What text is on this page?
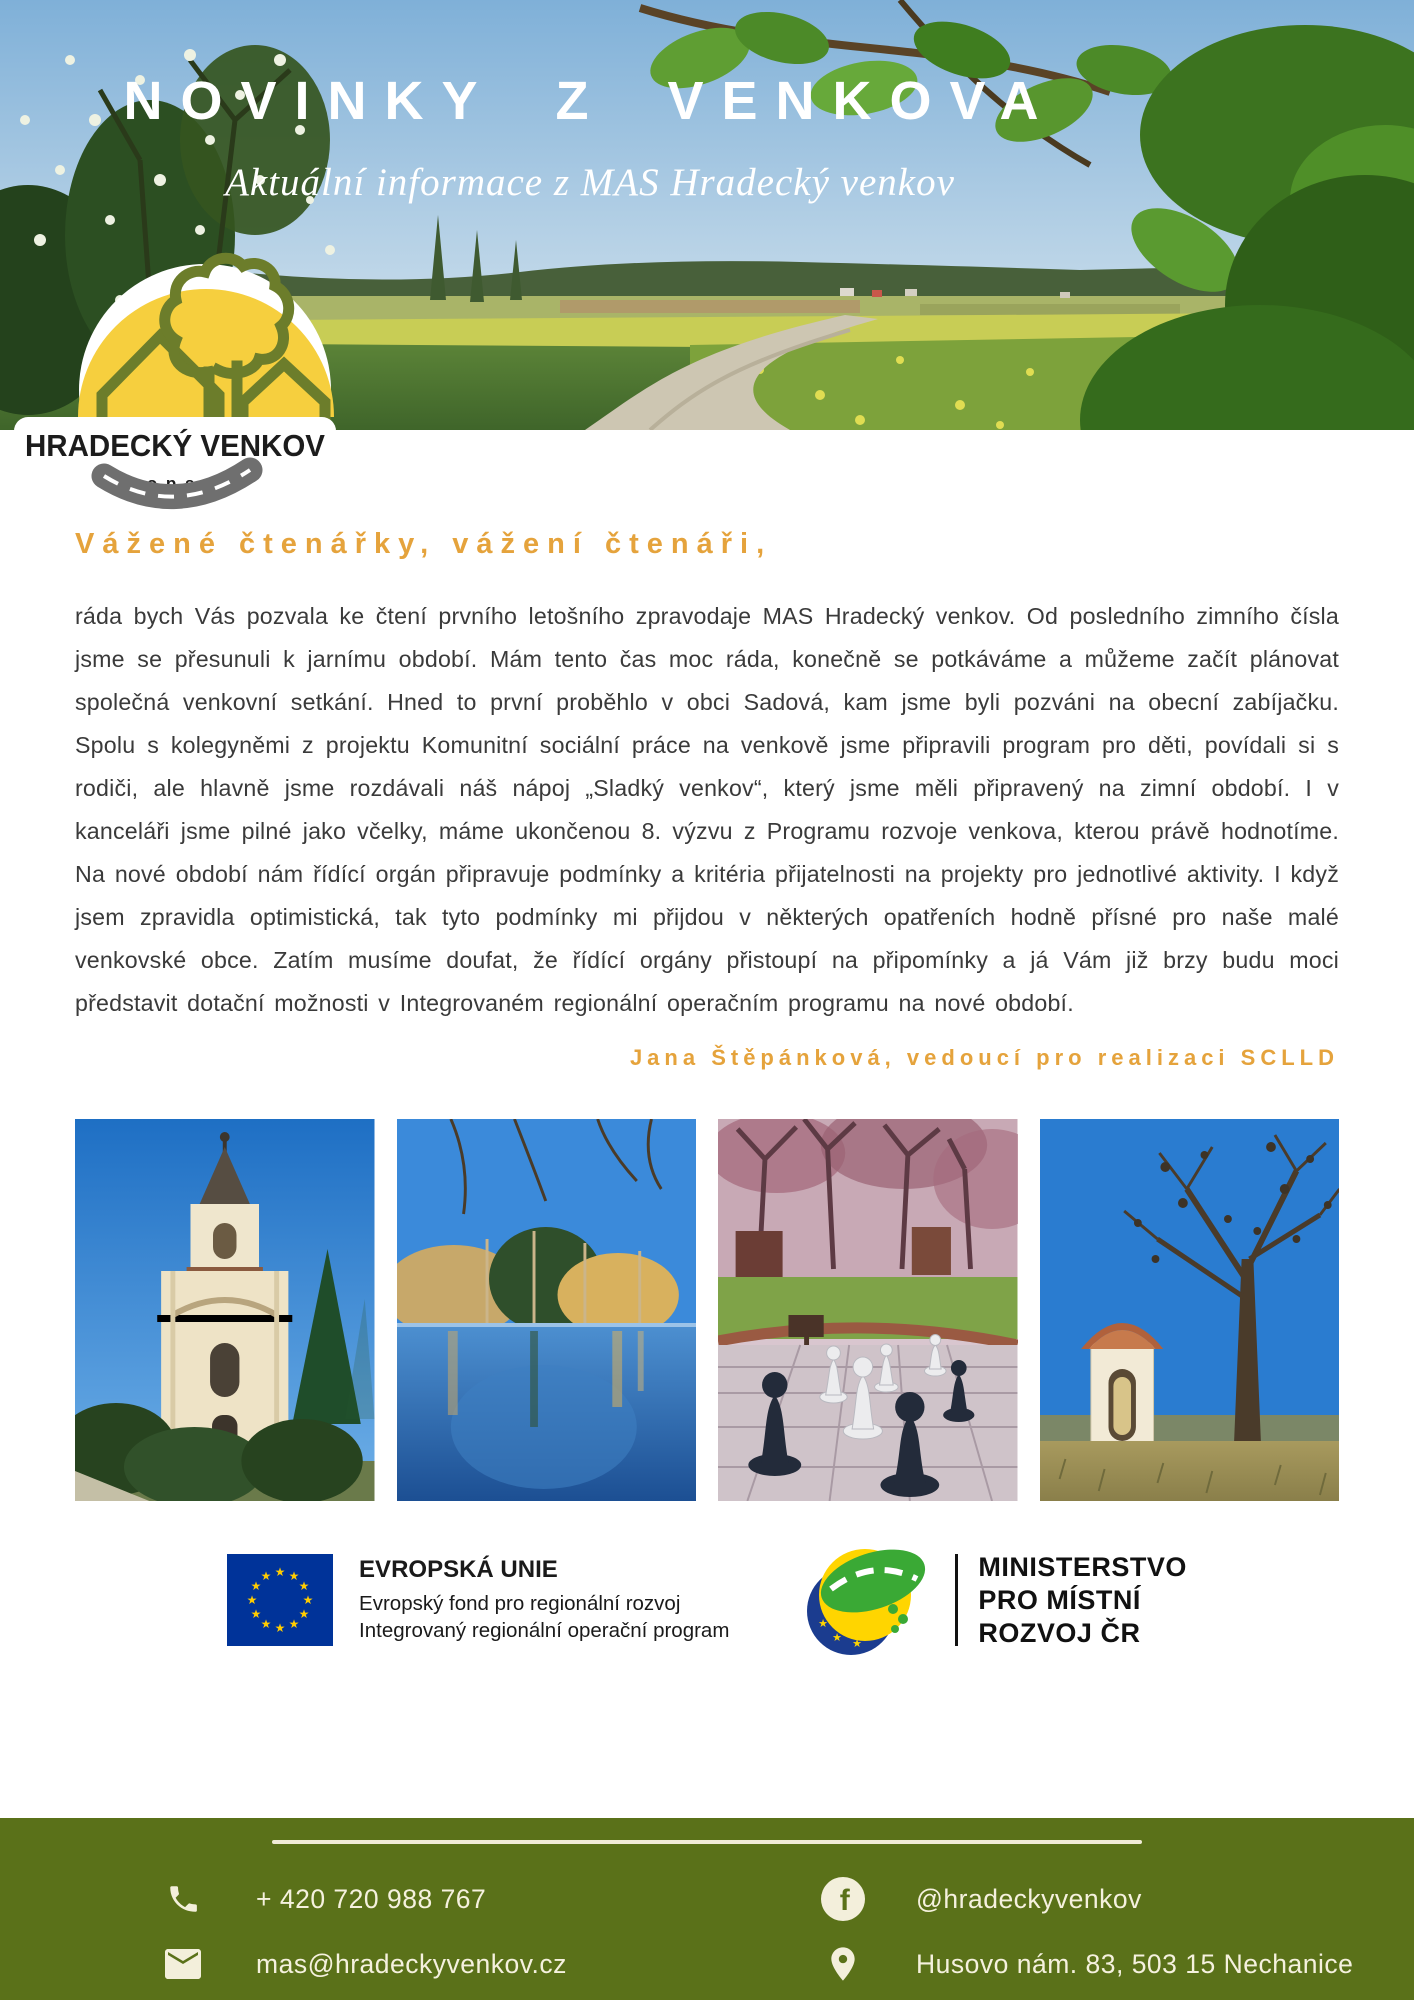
NOVINKY Z VENKOVA
Aktuální informace z MAS Hradecký venkov
HRADECKÝ VENKOV
o.p.s.
Vážené čtenářky, vážení čtenáři,

ráda bych Vás pozvala ke čtení prvního letošního zpravodaje MAS Hradecký venkov. Od posledního zimního čísla jsme se přesunuli k jarnímu období. Mám tento čas moc ráda, konečně se potkáváme a můžeme začít plánovat společná venkovní setkání. Hned to první proběhlo v obci Sadová, kam jsme byli pozváni na obecní zabíjačku. Spolu s kolegyněmi z projektu Komunitní sociální práce na venkově jsme připravili program pro děti, povídali si s rodiči, ale hlavně jsme rozdávali náš nápoj „Sladký venkov“, který jsme měli připravený na zimní období. I v kanceláři jsme pilné jako včelky, máme ukončenou 8. výzvu z Programu rozvoje venkova, kterou právě hodnotíme. Na nové období nám řídící orgán připravuje podmínky a kritéria přijatelnosti na projekty pro jednotlivé aktivity. I když jsem zpravidla optimistická, tak tyto podmínky mi přijdou v některých opatřeních hodně přísné pro naše malé venkovské obce. Zatím musíme doufat, že řídící orgány přistoupí na připomínky a já Vám již brzy budu moci představit dotační možnosti v Integrovaném regionální operačním programu na nové období.

Jana Štěpánková, vedoucí pro realizaci SCLLD
★ ★
★
★
★
★
★
★
★
★
★
★	EVROPSKÁ UNIE
Evropský fond pro regionální rozvoj
Integrovaný regionální operační program	★
★ ★
MINISTERSTVO
PRO MÍSTNÍ
ROZVOJ ČR
+ 420 720 988 767	f @hradeckyvenkov
mas@hradeckyvenkov.cz	Husovo nám. 83, 503 15 Nechanice
